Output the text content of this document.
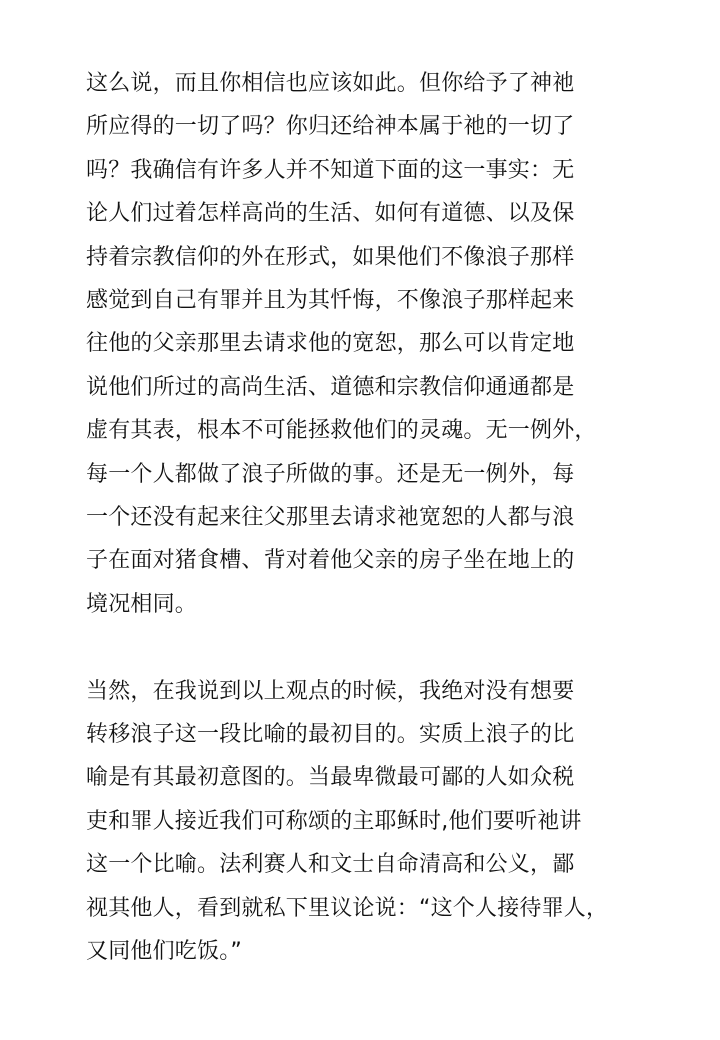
这么说，而且你相信也应该如此。但你给予了神祂
所应得的一切了吗？你归还给神本属于祂的一切了
吗？我确信有许多人并不知道下面的这一事实：无
论人们过着怎样高尚的生活、如何有道德、以及保
持着宗教信仰的外在形式，如果他们不像浪子那样
感觉到自己有罪并且为其忏悔，不像浪子那样起来
往他的父亲那里去请求他的宽恕，那么可以肯定地
说他们所过的高尚生活、道德和宗教信仰通通都是
虚有其表，根本不可能拯救他们的灵魂。无一例外，
每一个人都做了浪子所做的事。还是无一例外，每
一个还没有起来往父那里去请求祂宽恕的人都与浪
子在面对猪食槽、背对着他父亲的房子坐在地上的
境况相同。

当然，在我说到以上观点的时候，我绝对没有想要
转移浪子这一段比喻的最初目的。实质上浪子的比
喻是有其最初意图的。当最卑微最可鄙的人如众税
吏和罪人接近我们可称颂的主耶稣时,他们要听祂讲
这一个比喻。法利赛人和文士自命清高和公义，鄙
视其他人，看到就私下里议论说：“这个人接待罪人，
又同他们吃饭。”
